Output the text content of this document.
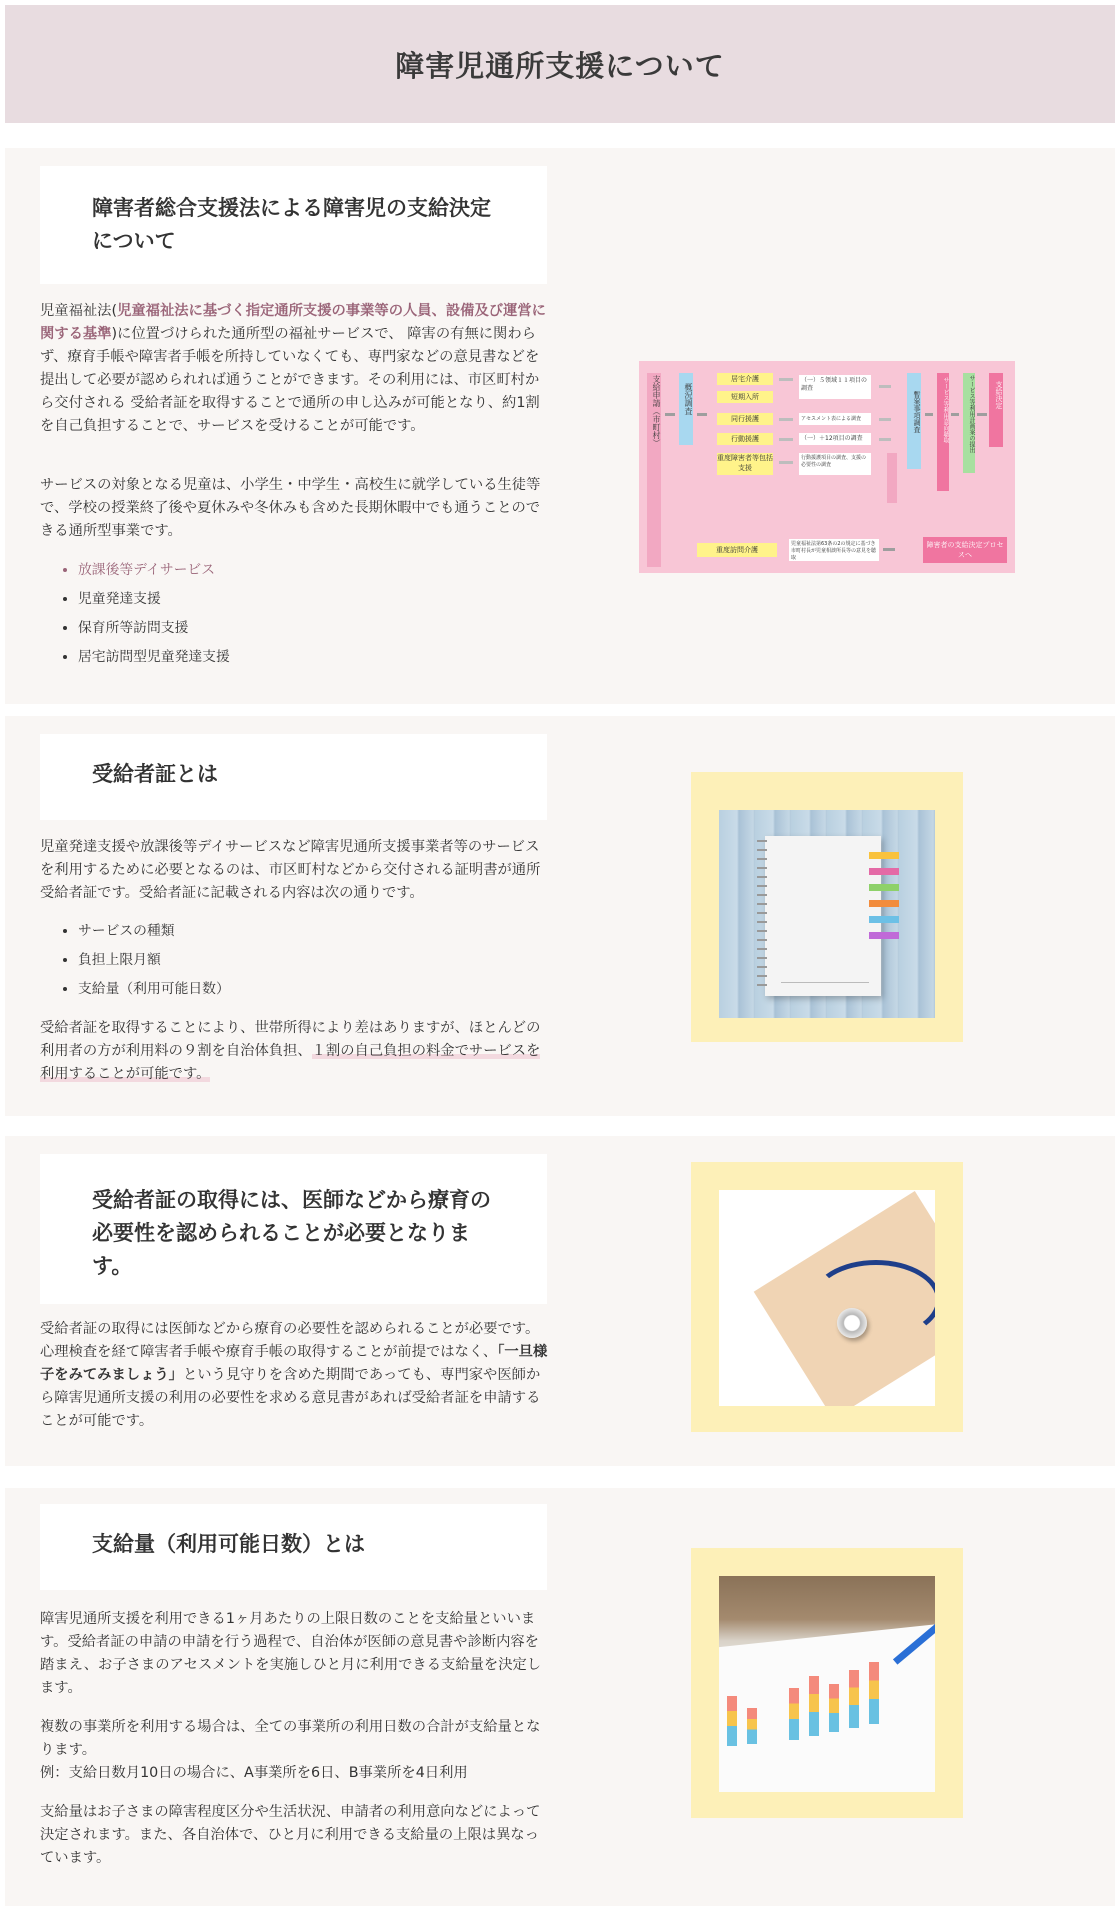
障害児通所支援について
障害者総合支援法による障害児の支給決定について

児童福祉法(児童福祉法に基づく指定通所支援の事業等の人員、設備及び運営に関する基準)に位置づけられた通所型の福祉サービスで、 障害の有無に関わらず、療育手帳や障害者手帳を所持していなくても、専門家などの意見書などを提出して必要が認められれば通うことができます。その利用には、市区町村から交付される 受給者証を取得することで通所の申し込みが可能となり、約1割を自己負担することで、サービスを受けることが可能です。

サービスの対象となる児童は、小学生・中学生・高校生に就学している生徒等で、学校の授業終了後や夏休みや冬休みも含めた長期休暇中でも通うことのできる通所型事業です。

• 放課後等デイサービス
• 児童発達支援
• 保育所等訪問支援
• 居宅訪問型児童発達支援
支給申請（市町村）	概況調査
居宅介護
短期入所
同行援護
行動援護
重度障害者等包括支援
（一）５領域１１項目の調査
アセスメント表による調査
（一）＋12項目の調査
行動援護項目の調査、支援の必要性の調査
暫案事項調査	サービス等利用意向聴取	サービス等利用計画案の提出	支給決定
重度訪問介護
児童福祉法第63条の2の規定に基づき市町村長が児童相談所長等の意見を聴取
障害者の支給決定プロセスへ
受給者証とは

児童発達支援や放課後等デイサービスなど障害児通所支援事業者等のサービスを利用するために必要となるのは、市区町村などから交付される証明書が通所受給者証です。受給者証に記載される内容は次の通りです。

• サービスの種類
• 負担上限月額
• 支給量（利用可能日数）

受給者証を取得することにより、世帯所得により差はありますが、ほとんどの利用者の方が利用料の９割を自治体負担、１割の自己負担の料金でサービスを利用することが可能です。

受給者証の取得には、医師などから療育の必要性を認められることが必要となります。

受給者証の取得には医師などから療育の必要性を認められることが必要です。心理検査を経て障害者手帳や療育手帳の取得することが前提ではなく、「一旦様子をみてみましょう」という見守りを含めた期間であっても、専門家や医師から障害児通所支援の利用の必要性を求める意見書があれば受給者証を申請することが可能です。

支給量（利用可能日数）とは

障害児通所支援を利用できる1ヶ月あたりの上限日数のことを支給量といいます。受給者証の申請の申請を行う過程で、自治体が医師の意見書や診断内容を踏まえ、お子さまのアセスメントを実施しひと月に利用できる支給量を決定します。

複数の事業所を利用する場合は、全ての事業所の利用日数の合計が支給量となります。
例：支給日数月10日の場合に、A事業所を6日、B事業所を4日利用

支給量はお子さまの障害程度区分や生活状況、申請者の利用意向などによって決定されます。また、各自治体で、ひと月に利用できる支給量の上限は異なっています。
